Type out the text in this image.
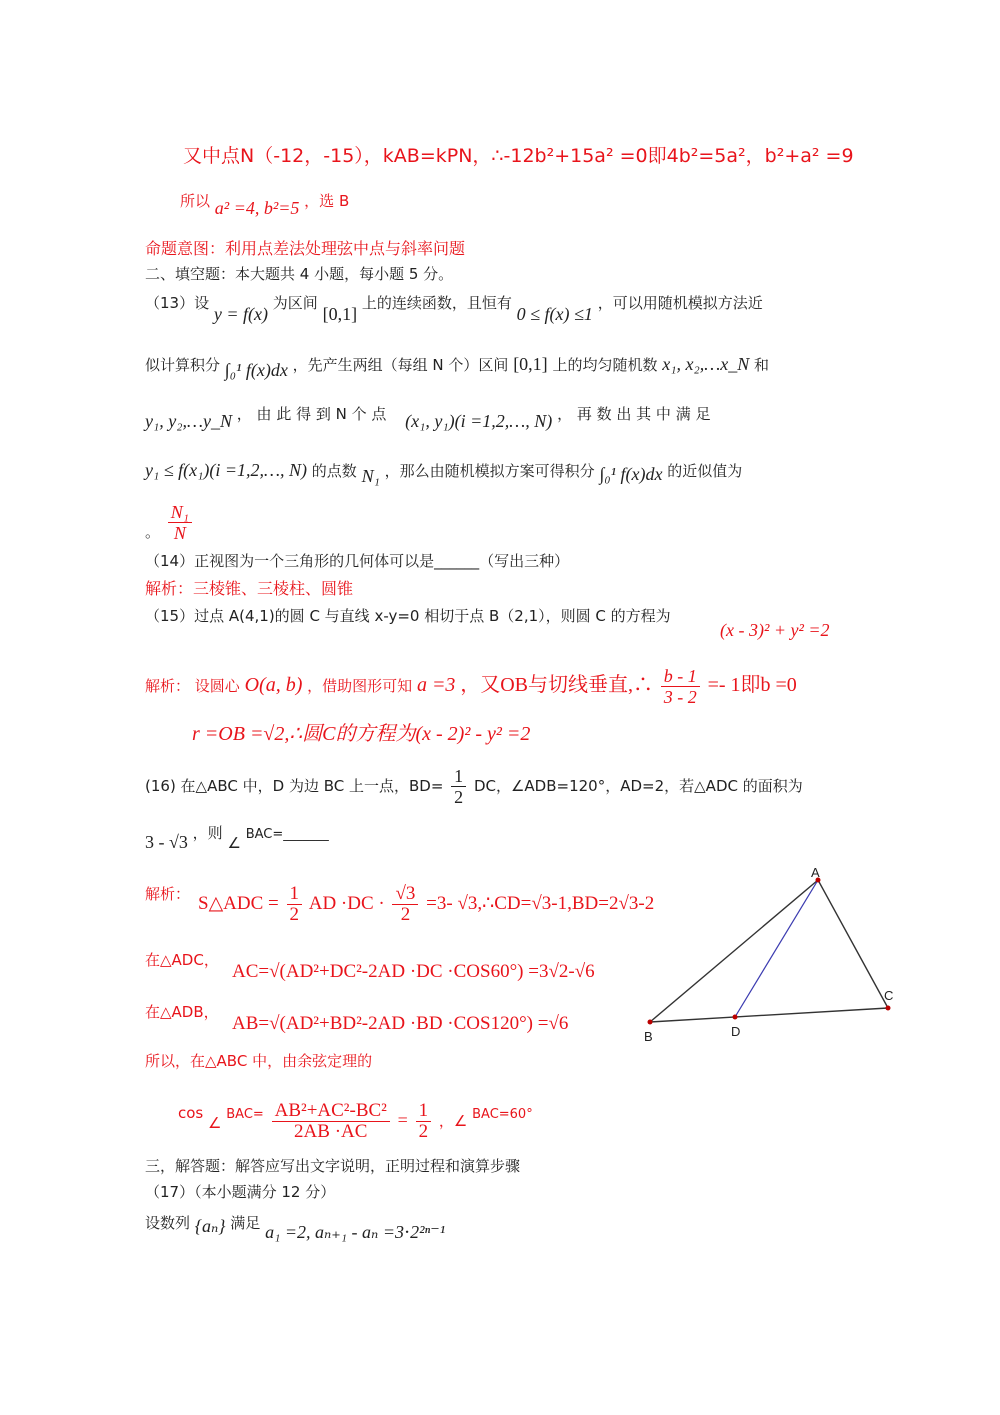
又中点N（-12，-15），kAB=kPN，∴-12b²+15a² =0即4b²=5a²，b²+a² =9
所以 a² =4, b²=5 ，选 B
命题意图：利用点差法处理弦中点与斜率问题
二、填空题：本大题共 4 小题，每小题 5 分。
（13）设 y = f(x) 为区间 [0,1] 上的连续函数，且恒有 0 ≤ f(x) ≤1 ，可以用随机模拟方法近
似计算积分 ∫₀¹ f(x)dx ，先产生两组（每组 N 个）区间 [0,1] 上的均匀随机数 x₁, x₂,…x_N 和
y₁, y₂,…y_N ， 由 此 得 到 N 个 点 (x₁, y₁)(i =1,2,…, N) ， 再 数 出 其 中 满 足
y₁ ≤ f(x₁)(i =1,2,…, N) 的点数 N₁ ，那么由随机模拟方案可得积分 ∫₀¹ f(x)dx 的近似值为
。 $\frac{\text{N₁}}{N}$
（14）正视图为一个三角形的几何体可以是______（写出三种）
解析：三棱锥、三棱柱、圆锥
（15）过点 A(4,1)的圆 C 与直线 x-y=0 相切于点 B（2,1），则圆 C 的方程为
(x - 3)² + y² =2
解析： 设圆心 O(a, b) ，借助图形可知 a =3 ，又OB与切线垂直,∴ $\frac{b - 1}{3 - 2} =- 1$即b =0
r =OB =√2,∴圆C的方程为(x - 2)² - y² =2
(16) 在△ABC 中，D 为边 BC 上一点，$BD= \frac{1}{2}$ DC，∠ADB=120°，AD=2，若△ADC 的面积为
3 - √3 ，则 ∠ BAC=_______
解析： S△ADC = $\frac{1}{2}$ AD $\cdot DC \cdot \frac{√3}{2} =3-$ √3,∴CD=√3-1,BD=2√3-2
在△ADC，
AC=√(AD²+DC²-2AD ·DC ·COS60°) =3√2-√6
在△ADB，
AB=√(AD²+BD²-2AD ·BD ·COS120°) =√6
所以，在△ABC 中，由余弦定理的
cos ∠ $BAC= \frac{\text{AB²+AC²-BC²}}{2AB \cdot AC} = \frac{1}{2}$ ，∠ BAC=60°
三，解答题：解答应写出文字说明，正明过程和演算步骤
（17）（本小题满分 12 分）
设数列 {aₙ} 满足 a₁ =2, aₙ₊₁ - aₙ =3⋅2²ⁿ⁻¹
A
B
C
D
